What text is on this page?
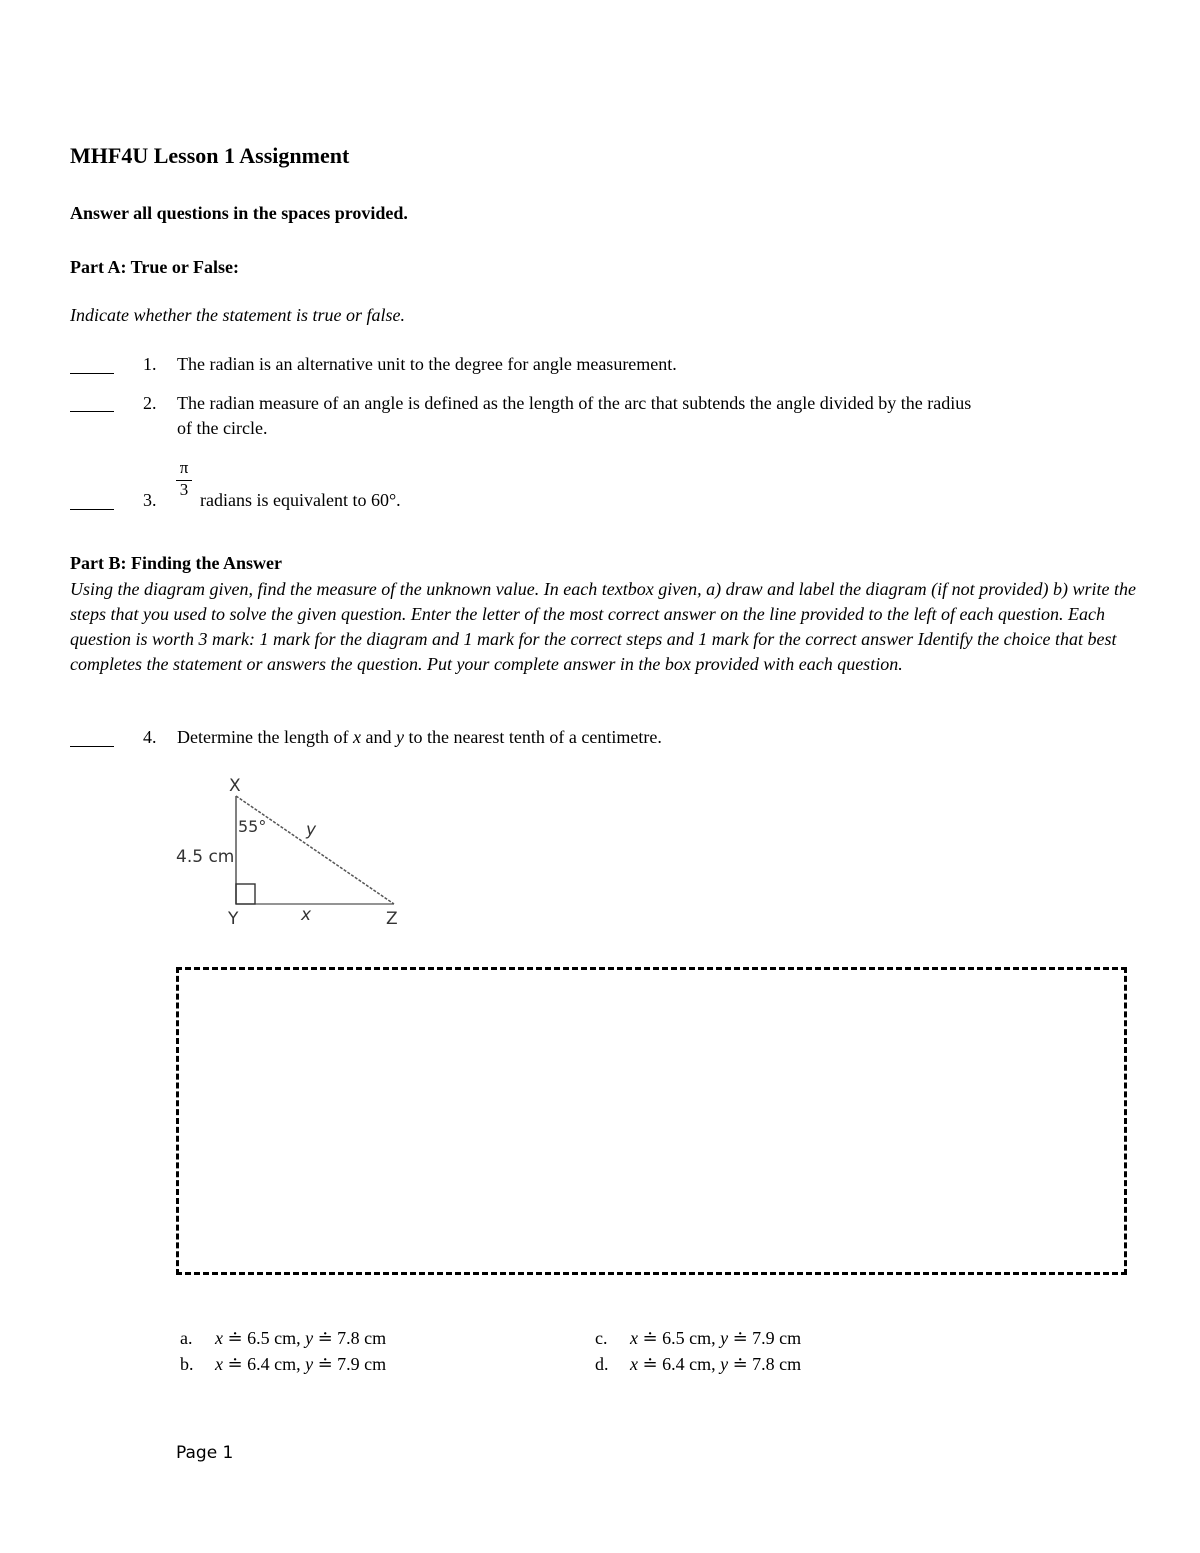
MHF4U Lesson 1 Assignment
Answer all questions in the spaces provided.
Part A: True or False:
Indicate whether the statement is true or false.
1. The radian is an alternative unit to the degree for angle measurement.
2. The radian measure of an angle is defined as the length of the arc that subtends the angle divided by the radius
of the circle.
3.
π
3
radians is equivalent to 60°.
Part B: Finding the Answer
Using the diagram given, find the measure of the unknown value. In each textbox given, a) draw and label the diagram (if not provided) b) write the steps that you used to solve the given question. Enter the letter of the most correct answer on the line provided to the left of each question. Each question is worth 3 mark: 1 mark for the diagram and 1 mark for the correct steps and 1 mark for the correct answer Identify the choice that best completes the statement or answers the question. Put your complete answer in the box provided with each question.
4. Determine the length of x and y to the nearest tenth of a centimetre.
X
Y	Z
55° y
x
4.5 cm
a. x ≐ 6.5 cm, y ≐ 7.8 cm
b. x ≐ 6.4 cm, y ≐ 7.9 cm
c. x ≐ 6.5 cm, y ≐ 7.9 cm
d. x ≐ 6.4 cm, y ≐ 7.8 cm
Page 1
